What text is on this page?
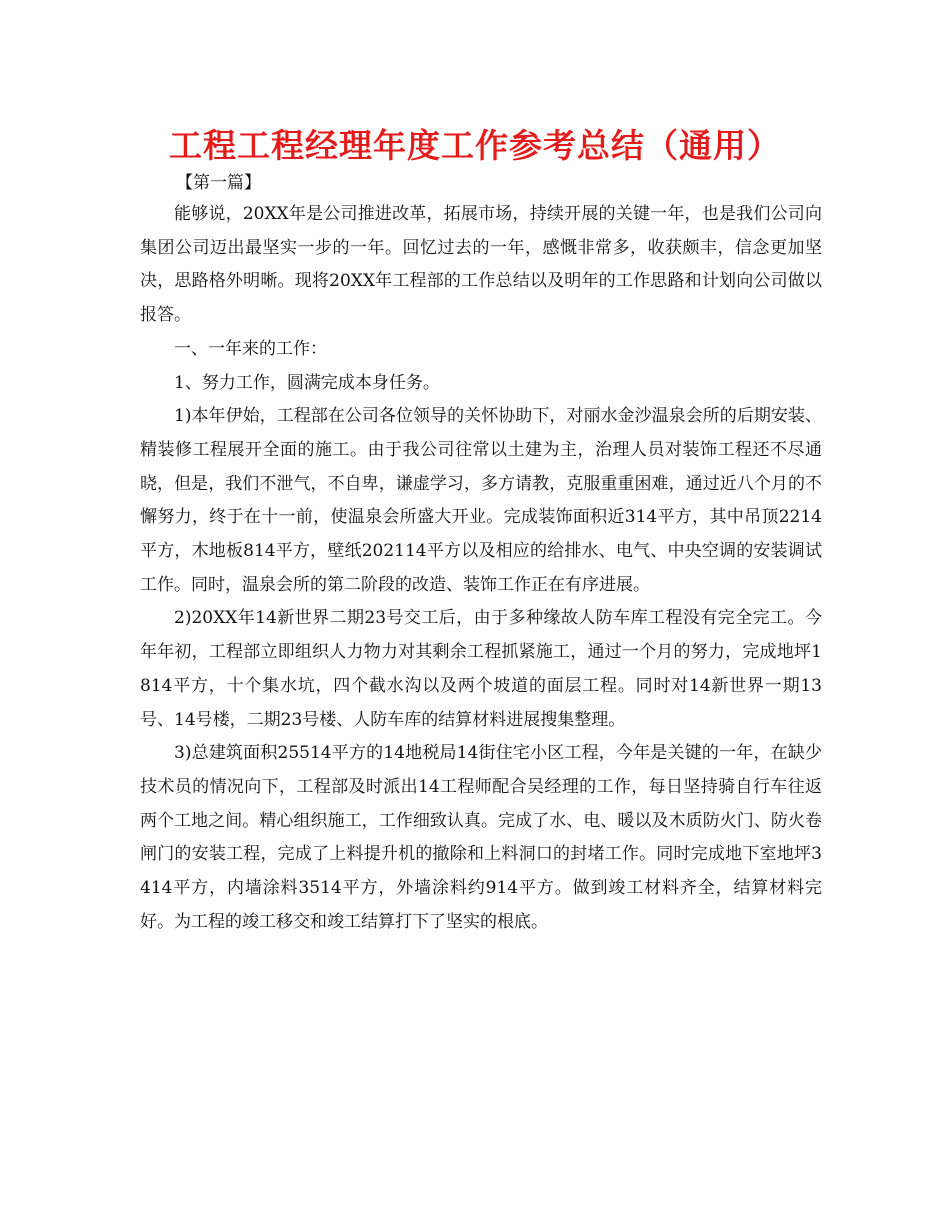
工程工程经理年度工作参考总结（通用）
【第一篇】

能够说，20XX年是公司推进改革，拓展市场，持续开展的关键一年，也是我们公司向集团公司迈出最坚实一步的一年。回忆过去的一年，感慨非常多，收获颇丰，信念更加坚决，思路格外明晰。现将20XX年工程部的工作总结以及明年的工作思路和计划向公司做以报答。

一、一年来的工作：

1、努力工作，圆满完成本身任务。

1)本年伊始，工程部在公司各位领导的关怀协助下，对丽水金沙温泉会所的后期安装、精装修工程展开全面的施工。由于我公司往常以土建为主，治理人员对装饰工程还不尽通晓，但是，我们不泄气，不自卑，谦虚学习，多方请教，克服重重困难，通过近八个月的不懈努力，终于在十一前，使温泉会所盛大开业。完成装饰面积近314平方，其中吊顶2214平方，木地板814平方，壁纸202114平方以及相应的给排水、电气、中央空调的安装调试工作。同时，温泉会所的第二阶段的改造、装饰工作正在有序进展。

2)20XX年14新世界二期23号交工后，由于多种缘故人防车库工程没有完全完工。今年年初，工程部立即组织人力物力对其剩余工程抓紧施工，通过一个月的努力，完成地坪1814平方，十个集水坑，四个截水沟以及两个坡道的面层工程。同时对14新世界一期13号、14号楼，二期23号楼、人防车库的结算材料进展搜集整理。

3)总建筑面积25514平方的14地税局14街住宅小区工程，今年是关键的一年，在缺少技术员的情况向下，工程部及时派出14工程师配合吴经理的工作，每日坚持骑自行车往返两个工地之间。精心组织施工，工作细致认真。完成了水、电、暖以及木质防火门、防火卷闸门的安装工程，完成了上料提升机的撤除和上料洞口的封堵工作。同时完成地下室地坪3414平方，内墙涂料3514平方，外墙涂料约914平方。做到竣工材料齐全，结算材料完好。为工程的竣工移交和竣工结算打下了坚实的根底。
